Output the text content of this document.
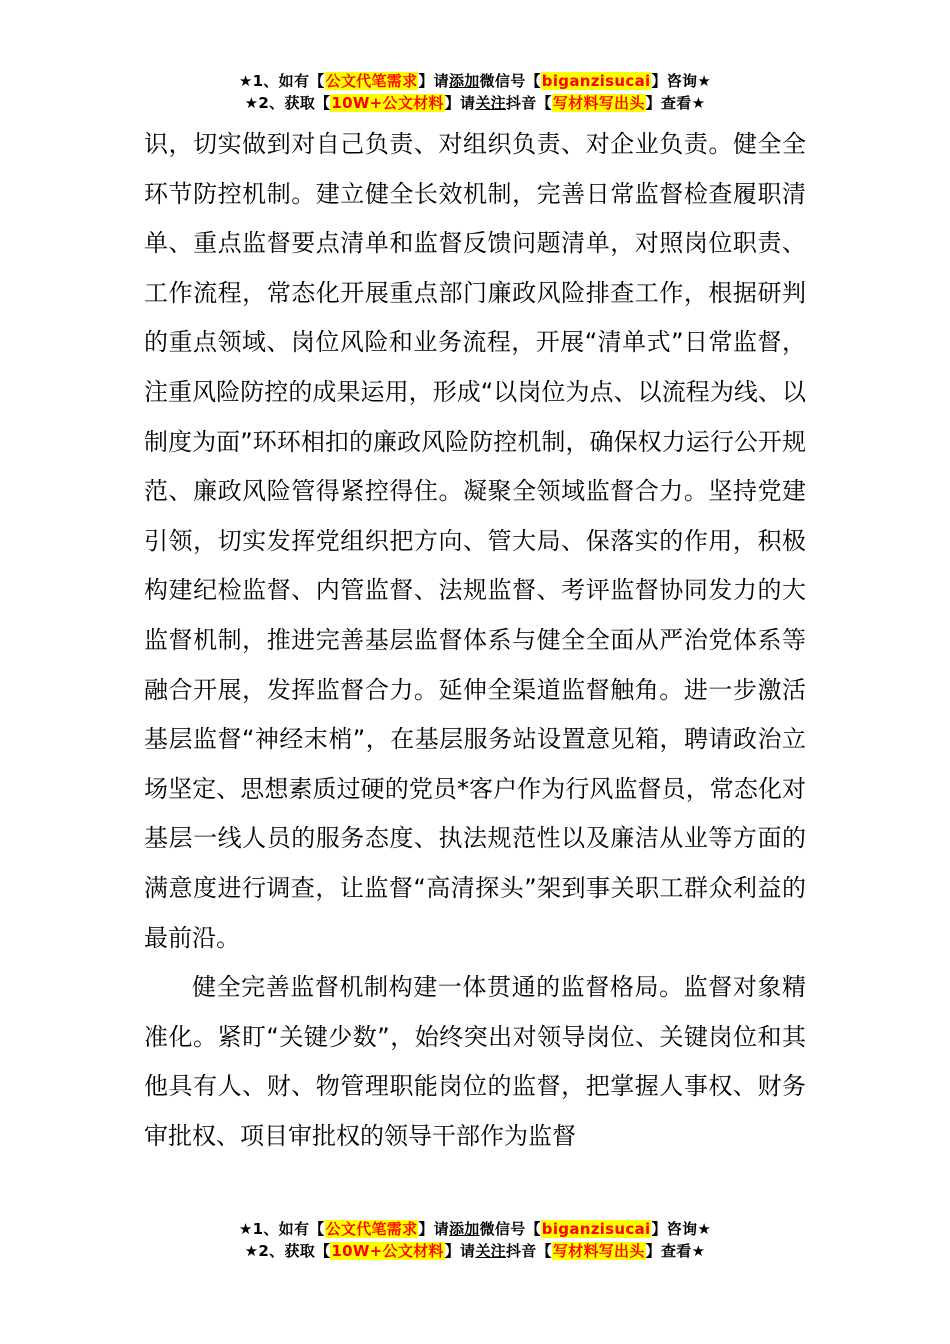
★1、如有【公文代笔需求】请添加微信号【biganzisucai】咨询★
★2、获取【10W+公文材料】请关注抖音【写材料写出头】查看★

识，切实做到对自己负责、对组织负责、对企业负责。健全全环节防控机制。建立健全长效机制，完善日常监督检查履职清单、重点监督要点清单和监督反馈问题清单，对照岗位职责、工作流程，常态化开展重点部门廉政风险排查工作，根据研判的重点领域、岗位风险和业务流程，开展“清单式”日常监督，注重风险防控的成果运用，形成“以岗位为点、以流程为线、以制度为面”环环相扣的廉政风险防控机制，确保权力运行公开规范、廉政风险管得紧控得住。凝聚全领域监督合力。坚持党建引领，切实发挥党组织把方向、管大局、保落实的作用，积极构建纪检监督、内管监督、法规监督、考评监督协同发力的大监督机制，推进完善基层监督体系与健全全面从严治党体系等融合开展，发挥监督合力。延伸全渠道监督触角。进一步激活基层监督“神经末梢”，在基层服务站设置意见箱，聘请政治立场坚定、思想素质过硬的党员*客户作为行风监督员，常态化对基层一线人员的服务态度、执法规范性以及廉洁从业等方面的满意度进行调查，让监督“高清探头”架到事关职工群众利益的最前沿。

健全完善监督机制构建一体贯通的监督格局。监督对象精准化。紧盯“关键少数”，始终突出对领导岗位、关键岗位和其他具有人、财、物管理职能岗位的监督，把掌握人事权、财务审批权、项目审批权的领导干部作为监督

★1、如有【公文代笔需求】请添加微信号【biganzisucai】咨询★
★2、获取【10W+公文材料】请关注抖音【写材料写出头】查看★
